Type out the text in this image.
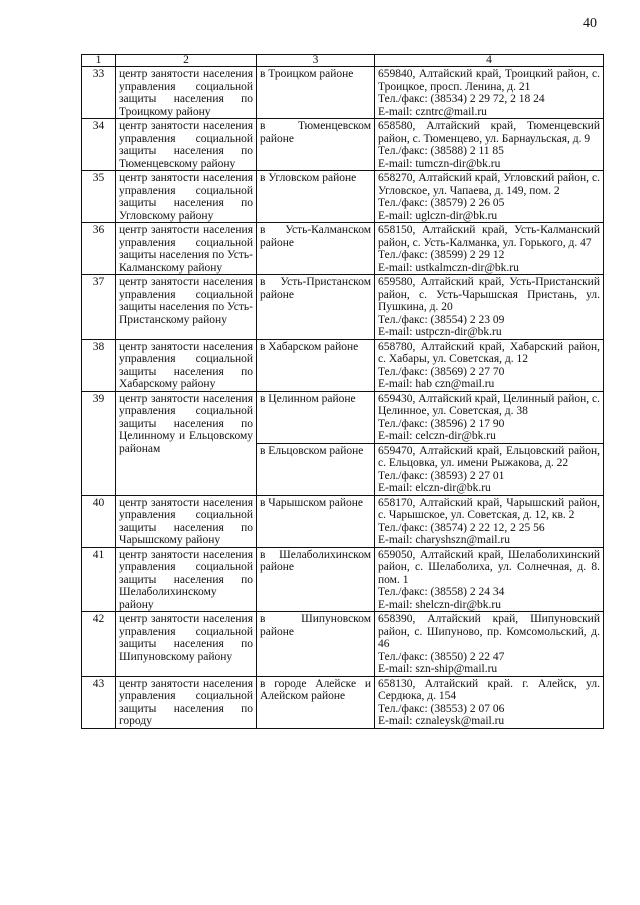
40
1	2	3	4
33	центр занятости населения управления социальной защиты населения по Троицкому району	в Троицком районе	659840, Алтайский край, Троицкий район, с. Троицкое, просп. Ленина, д. 21
Тел./факс: (38534) 2 29 72, 2 18 24
E-mail: czntrc@mail.ru
34	центр занятости населения управления социальной защиты населения по Тюменцевскому району	в Тюменцевском районе	658580, Алтайский край, Тюменцевский район, с. Тюменцево, ул. Барнаульская, д. 9
Тел./факс: (38588) 2 11 85
E-mail: tumczn-dir@bk.ru
35	центр занятости населения управления социальной защиты населения по Угловскому району	в Угловском районе	658270, Алтайский край, Угловский район, с. Угловское, ул. Чапаева, д. 149, пом. 2
Тел./факс: (38579) 2 26 05
E-mail: uglczn-dir@bk.ru
36	центр занятости населения управления социальной защиты населения по Усть-Калманскому району	в Усть-Калманском районе	658150, Алтайский край, Усть-Калманский район, с. Усть-Калманка, ул. Горького, д. 47
Тел./факс: (38599) 2 29 12
E-mail: ustkalmczn-dir@bk.ru
37	центр занятости населения управления социальной защиты населения по Усть-Пристанскому району	в Усть-Пристанском районе	659580, Алтайский край, Усть-Пристанский район, с. Усть-Чарышская Пристань, ул. Пушкина, д. 20
Тел./факс: (38554) 2 23 09
E-mail: ustpczn-dir@bk.ru
38	центр занятости населения управления социальной защиты населения по Хабарскому району	в Хабарском районе	658780, Алтайский край, Хабарский район, с. Хабары, ул. Советская, д. 12
Тел./факс: (38569) 2 27 70
E-mail: hab czn@mail.ru
39	центр занятости населения управления социальной защиты населения по Целинному и Ельцовскому районам	в Целинном районе	659430, Алтайский край, Целинный район, с. Целинное, ул. Советская, д. 38
Тел./факс: (38596) 2 17 90
E-mail: celczn-dir@bk.ru
		в Ельцовском районе	659470, Алтайский край, Ельцовский район, с. Ельцовка, ул. имени Рыжакова, д. 22
Тел./факс: (38593) 2 27 01
E-mail: elczn-dir@bk.ru
40	центр занятости населения управления социальной защиты населения по Чарышскому району	в Чарышском районе	658170, Алтайский край, Чарышский район, с. Чарышское, ул. Советская, д. 12, кв. 2
Тел./факс: (38574) 2 22 12, 2 25 56
E-mail: charyshszn@mail.ru
41	центр занятости населения управления социальной защиты населения по Шелаболихинскому району	в Шелаболихинском районе	659050, Алтайский край, Шелаболихинский район, с. Шелаболиха, ул. Солнечная, д. 8. пом. 1
Тел./факс: (38558) 2 24 34
E-mail: shelczn-dir@bk.ru
42	центр занятости населения управления социальной защиты населения по Шипуновскому району	в Шипуновском районе	658390, Алтайский край, Шипуновский район, с. Шипуново, пр. Комсомольский, д. 46
Тел./факс: (38550) 2 22 47
E-mail: szn-ship@mail.ru
43	центр занятости населения управления социальной защиты населения по городу	в городе Алейске и Алейском районе	658130, Алтайский край. г. Алейск, ул. Сердюка, д. 154
Тел./факс: (38553) 2 07 06
E-mail: cznaleysk@mail.ru
